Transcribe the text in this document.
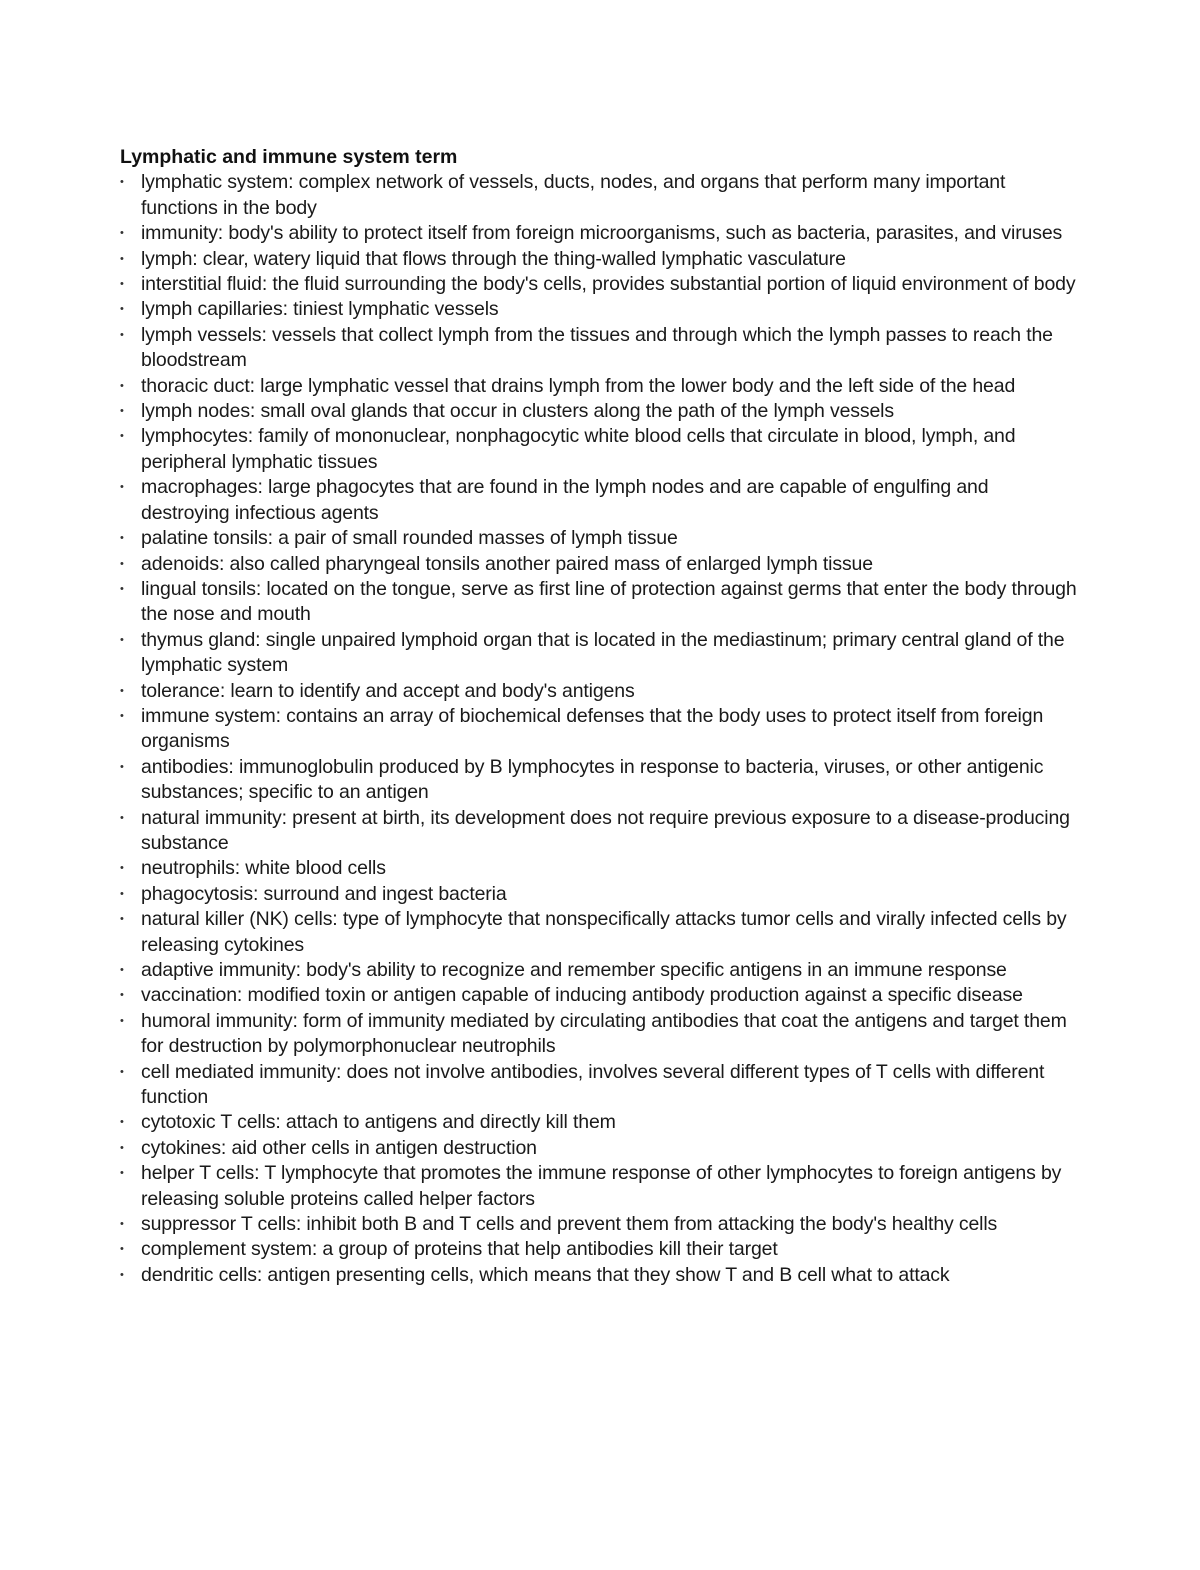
Lymphatic and immune system term
• lymphatic system: complex network of vessels, ducts, nodes, and organs that perform many important functions in the body
• immunity: body's ability to protect itself from foreign microorganisms, such as bacteria, parasites, and viruses
• lymph: clear, watery liquid that flows through the thing-walled lymphatic vasculature
• interstitial fluid: the fluid surrounding the body's cells, provides substantial portion of liquid environment of body
• lymph capillaries: tiniest lymphatic vessels
• lymph vessels: vessels that collect lymph from the tissues and through which the lymph passes to reach the bloodstream
• thoracic duct: large lymphatic vessel that drains lymph from the lower body and the left side of the head
• lymph nodes: small oval glands that occur in clusters along the path of the lymph vessels
• lymphocytes: family of mononuclear, nonphagocytic white blood cells that circulate in blood, lymph, and peripheral lymphatic tissues
• macrophages: large phagocytes that are found in the lymph nodes and are capable of engulfing and destroying infectious agents
• palatine tonsils: a pair of small rounded masses of lymph tissue
• adenoids: also called pharyngeal tonsils another paired mass of enlarged lymph tissue
• lingual tonsils: located on the tongue, serve as first line of protection against germs that enter the body through the nose and mouth
• thymus gland: single unpaired lymphoid organ that is located in the mediastinum; primary central gland of the lymphatic system
• tolerance: learn to identify and accept and body's antigens
• immune system: contains an array of biochemical defenses that the body uses to protect itself from foreign organisms
• antibodies: immunoglobulin produced by B lymphocytes in response to bacteria, viruses, or other antigenic substances; specific to an antigen
• natural immunity: present at birth, its development does not require previous exposure to a disease-producing substance
• neutrophils: white blood cells
• phagocytosis: surround and ingest bacteria
• natural killer (NK) cells: type of lymphocyte that nonspecifically attacks tumor cells and virally infected cells by releasing cytokines
• adaptive immunity: body's ability to recognize and remember specific antigens in an immune response
• vaccination: modified toxin or antigen capable of inducing antibody production against a specific disease
• humoral immunity: form of immunity mediated by circulating antibodies that coat the antigens and target them for destruction by polymorphonuclear neutrophils
• cell mediated immunity: does not involve antibodies, involves several different types of T cells with different function
• cytotoxic T cells: attach to antigens and directly kill them
• cytokines: aid other cells in antigen destruction
• helper T cells: T lymphocyte that promotes the immune response of other lymphocytes to foreign antigens by releasing soluble proteins called helper factors
• suppressor T cells: inhibit both B and T cells and prevent them from attacking the body's healthy cells
• complement system: a group of proteins that help antibodies kill their target
• dendritic cells: antigen presenting cells, which means that they show T and B cell what to attack
